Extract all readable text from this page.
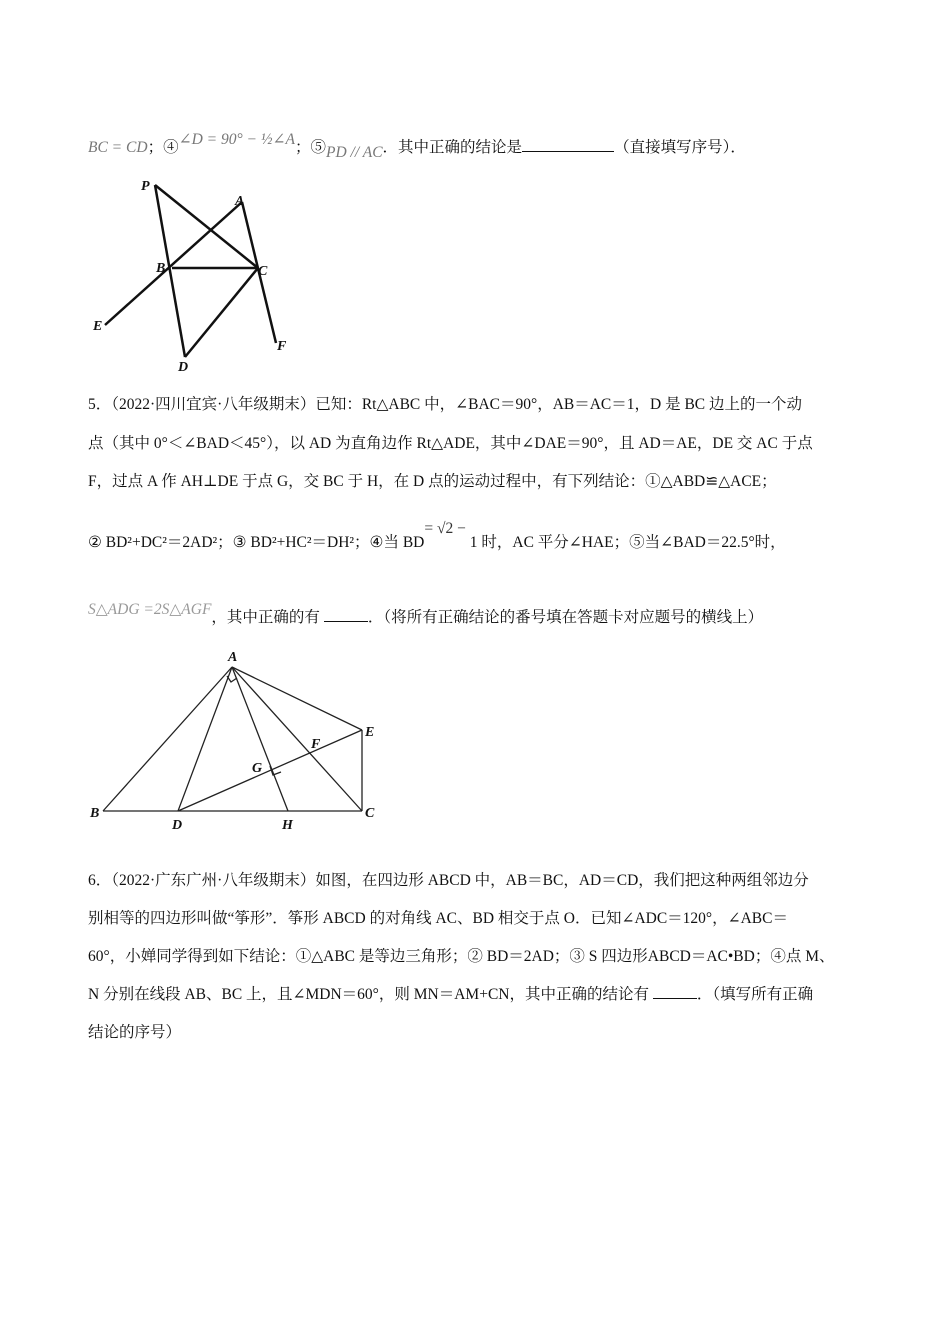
BC = CD；④∠D = 90° − ½∠A；⑤PD // AC．其中正确的结论是	（直接填写序号）．
P
A
B	C
E
D
F
5．（2022·四川宜宾·八年级期末）已知：Rt△ABC 中，∠BAC＝90°，AB＝AC＝1，D 是 BC 边上的一个动
点（其中 0°＜∠BAD＜45°），以 AD 为直角边作 Rt△ADE，其中∠DAE＝90°，且 AD＝AE，DE 交 AC 于点
F，过点 A 作 AH⊥DE 于点 G，交 BC 于 H，在 D 点的运动过程中，有下列结论：①△ABD≌△ACE；
② BD²+DC²＝2AD²；③ BD²+HC²＝DH²；④当 BD= √2 − 1 时，AC 平分∠HAE；⑤当∠BAD＝22.5°时，
S△ADG =2S△AGF，其中正确的有	．（将所有正确结论的番号填在答题卡对应题号的横线上）
A
B
D	H
C
E
F
G
6．（2022·广东广州·八年级期末）如图，在四边形 ABCD 中，AB＝BC，AD＝CD，我们把这种两组邻边分
别相等的四边形叫做“筝形”．筝形 ABCD 的对角线 AC、BD 相交于点 O．已知∠ADC＝120°，∠ABC＝
60°，小婵同学得到如下结论：①△ABC 是等边三角形；② BD＝2AD；③ S 四边形ABCD＝AC•BD；④点 M、
N 分别在线段 AB、BC 上，且∠MDN＝60°，则 MN＝AM+CN，其中正确的结论有	．（填写所有正确
结论的序号）
